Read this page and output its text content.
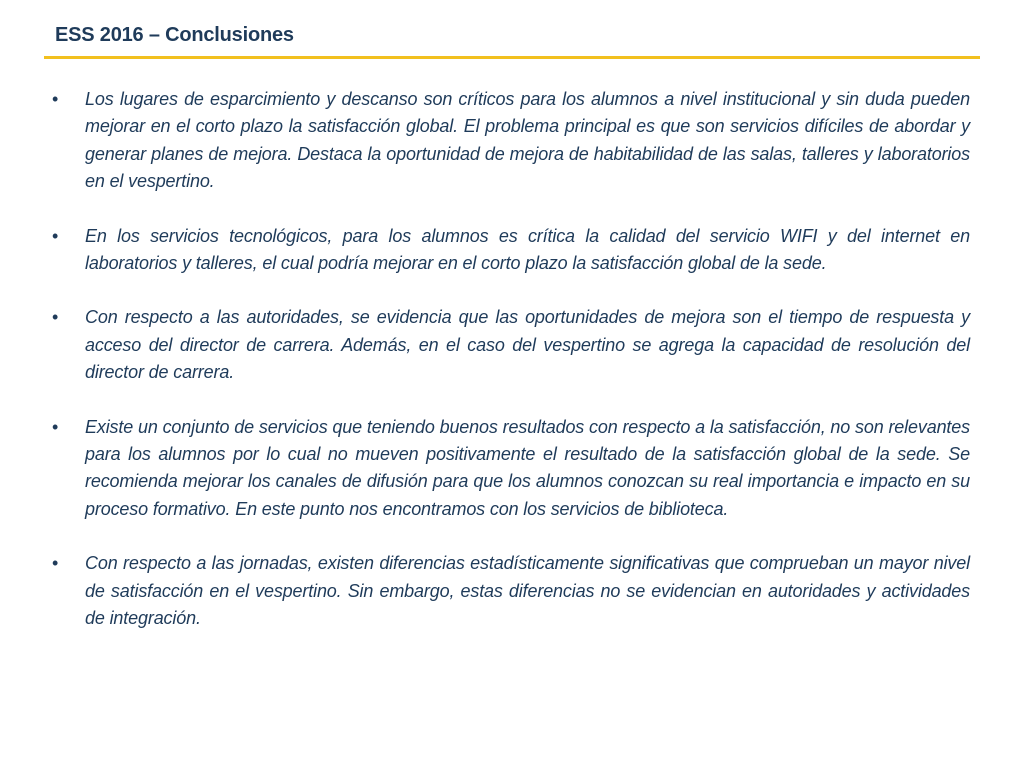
ESS 2016 – Conclusiones
•	Los lugares de esparcimiento y descanso son críticos para los alumnos a nivel institucional y sin duda pueden mejorar en el corto plazo la satisfacción global. El problema principal es que son servicios difíciles de abordar y generar planes de mejora. Destaca la oportunidad de mejora de habitabilidad de las salas, talleres y laboratorios en el vespertino.
•	En los servicios tecnológicos, para los alumnos es crítica la calidad del servicio WIFI y del internet en laboratorios y talleres, el cual podría mejorar en el corto plazo la satisfacción global de la sede.
•	Con respecto a las autoridades, se evidencia que las oportunidades de mejora son el tiempo de respuesta y acceso del director de carrera. Además, en el caso del vespertino se agrega la capacidad de resolución del director de carrera.
•	Existe un conjunto de servicios que teniendo buenos resultados con respecto a la satisfacción, no son relevantes para los alumnos por lo cual no mueven positivamente el resultado de la satisfacción global de la sede. Se recomienda mejorar los canales de difusión para que los alumnos conozcan su real importancia e impacto en su proceso formativo. En este punto nos encontramos con los servicios de biblioteca.
•	Con respecto a las jornadas, existen diferencias estadísticamente significativas que comprueban un mayor nivel de satisfacción en el vespertino. Sin embargo, estas diferencias no se evidencian en autoridades y actividades de integración.
